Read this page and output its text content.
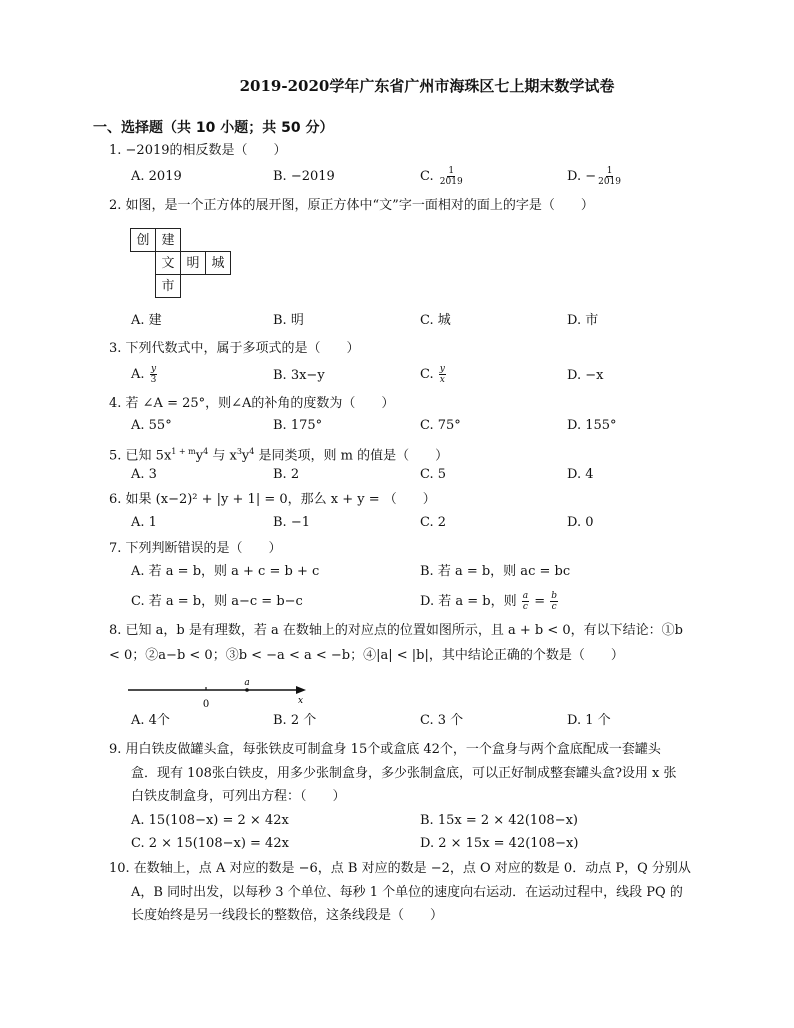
2019-2020学年广东省广州市海珠区七上期末数学试卷
一、选择题（共 10 小题；共 50 分）
1. −2019的相反数是（　　）
A. 2019	B. −2019	C. $\frac{1}{2019}$	D. − $\frac{1}{2019}$
2. 如图，是一个正方体的展开图，原正方体中“文”字一面相对的面上的字是（　　）
创 建
文 明 城
市
A. 建	B. 明	C. 城	D. 市
3. 下列代数式中，属于多项式的是（　　）
A. $\frac{y}{3}$	B. 3x−y	C. $\frac{y}{x}$	D. −x
4. 若 ∠A = 25°，则∠A的补角的度数为（　　）
A. 55°	B. 175°	C. 75°	D. 155°
5. 已知 $5x^{1 + m}y^4$ 与 $x^3y^4$ 是同类项，则 m 的值是（　　）
A. 3	B. 2	C. 5	D. 4
6. 如果 (x−2)² + |y + 1| = 0，那么 x + y = （　　）
A. 1	B. −1	C. 2	D. 0
7. 下列判断错误的是（　　）
A. 若 a = b，则 a + c = b + c	B. 若 a = b，则 ac = bc
C. 若 a = b，则 a−c = b−c	D. 若 a = b，则 $\frac{a}{c} = \frac{b}{c}$
8. 已知 a，b 是有理数，若 a 在数轴上的对应点的位置如图所示，且 a + b < 0，有以下结论：①b
< 0；②a−b < 0；③b < −a < a < −b；④|a| < |b|，其中结论正确的个数是（　　）
0
a
x
A. 4个	B. 2 个	C. 3 个	D. 1 个
9. 用白铁皮做罐头盒，每张铁皮可制盒身 15个或盒底 42个，一个盒身与两个盒底配成一套罐头
盒．现有 108张白铁皮，用多少张制盒身，多少张制盒底，可以正好制成整套罐头盒?设用 x 张
白铁皮制盒身，可列出方程：（　　）
A. 15(108−x) = 2 × 42x	B. 15x = 2 × 42(108−x)
C. 2 × 15(108−x) = 42x	D. 2 × 15x = 42(108−x)
10. 在数轴上，点 A 对应的数是 −6，点 B 对应的数是 −2，点 O 对应的数是 0．动点 P，Q 分别从
A，B 同时出发，以每秒 3 个单位、每秒 1 个单位的速度向右运动．在运动过程中，线段 PQ 的
长度始终是另一线段长的整数倍，这条线段是（　　）
